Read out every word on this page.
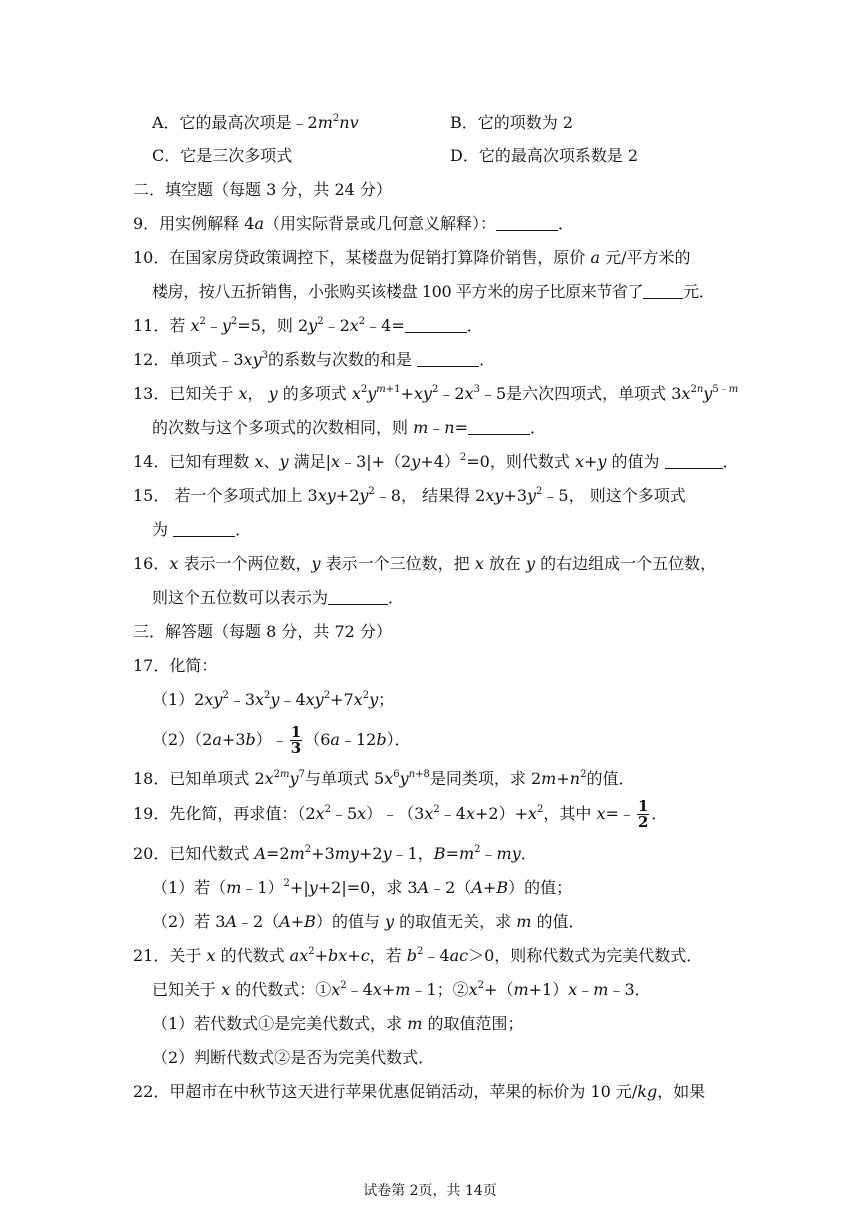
A．它的最高次项是$﹣2m^2nv$	B．它的项数为 2
C．它是三次多项式	D．它的最高次项系数是 2
二．填空题（每题 3 分，共 24 分）
9．用实例解释 4a（用实际背景或几何意义解释）：	．
10．在国家房贷政策调控下，某楼盘为促销打算降价销售，原价 a 元/平方米的
楼房，按八五折销售，小张购买该楼盘 100 平方米的房子比原来节省了	元．
11．若 $x^2﹣y^2=5$，则 $2y^2﹣2x^2﹣4=$	．
12．单项式$﹣3xy^3$的系数与次数的和是	．
13．已知关于 x， y 的多项式 $x^2y^{m+1}+xy^2﹣2x^3﹣5$是六次四项式，单项式 $3x^{2n}y^{5﹣m}$
的次数与这个多项式的次数相同，则 m﹣n=	．
14．已知有理数 x、y 满足$|x﹣3|+(2y+4)^2=0$，则代数式 x+y 的值为	．
15． 若一个多项式加上 $3xy+2y^2﹣8$， 结果得 $2xy+3y^2﹣5$， 则这个多项式
为	．
16．x 表示一个两位数，y 表示一个三位数，把 x 放在 y 的右边组成一个五位数，
则这个五位数可以表示为	．
三．解答题（每题 8 分，共 72 分）
17．化简：
$(1)2xy^2﹣3x^2y﹣4xy^2+7x^2y$；
（2）（2a+3b）﹣ $\frac{1}{3}$ （6a﹣12b）．
18．已知单项式 $2x^{2m}y^7$与单项式 $5x^6y^{n+8}$是同类项，求 $2m+n^2$的值．
19．先化简，再求值：$(2x^2﹣5x)﹣(3x^2﹣4x+2)+x^2$，其中 x=﹣ $\frac{1}{2}$ ．
20．已知代数式 $A=2m^2+3my+2y﹣1$，$B=m^2﹣my$．
（1）若（m﹣1）$^2$+|y+2|=0，求 3A﹣2（A+B）的值；
（2）若 3A﹣2（A+B）的值与 y 的取值无关，求 m 的值．
21．关于 x 的代数式 $ax^2+bx+c$，若 $b^2﹣4ac>0$，则称代数式为完美代数式．
已知关于 x 的代数式：$①x^2﹣4x+m﹣1$；$②x^2+(m+1)x﹣m﹣3$．
（1）若代数式①是完美代数式，求 m 的取值范围；
（2）判断代数式②是否为完美代数式．
22．甲超市在中秋节这天进行苹果优惠促销活动，苹果的标价为 10 元/kg，如果
试卷第 2页，共 14页
